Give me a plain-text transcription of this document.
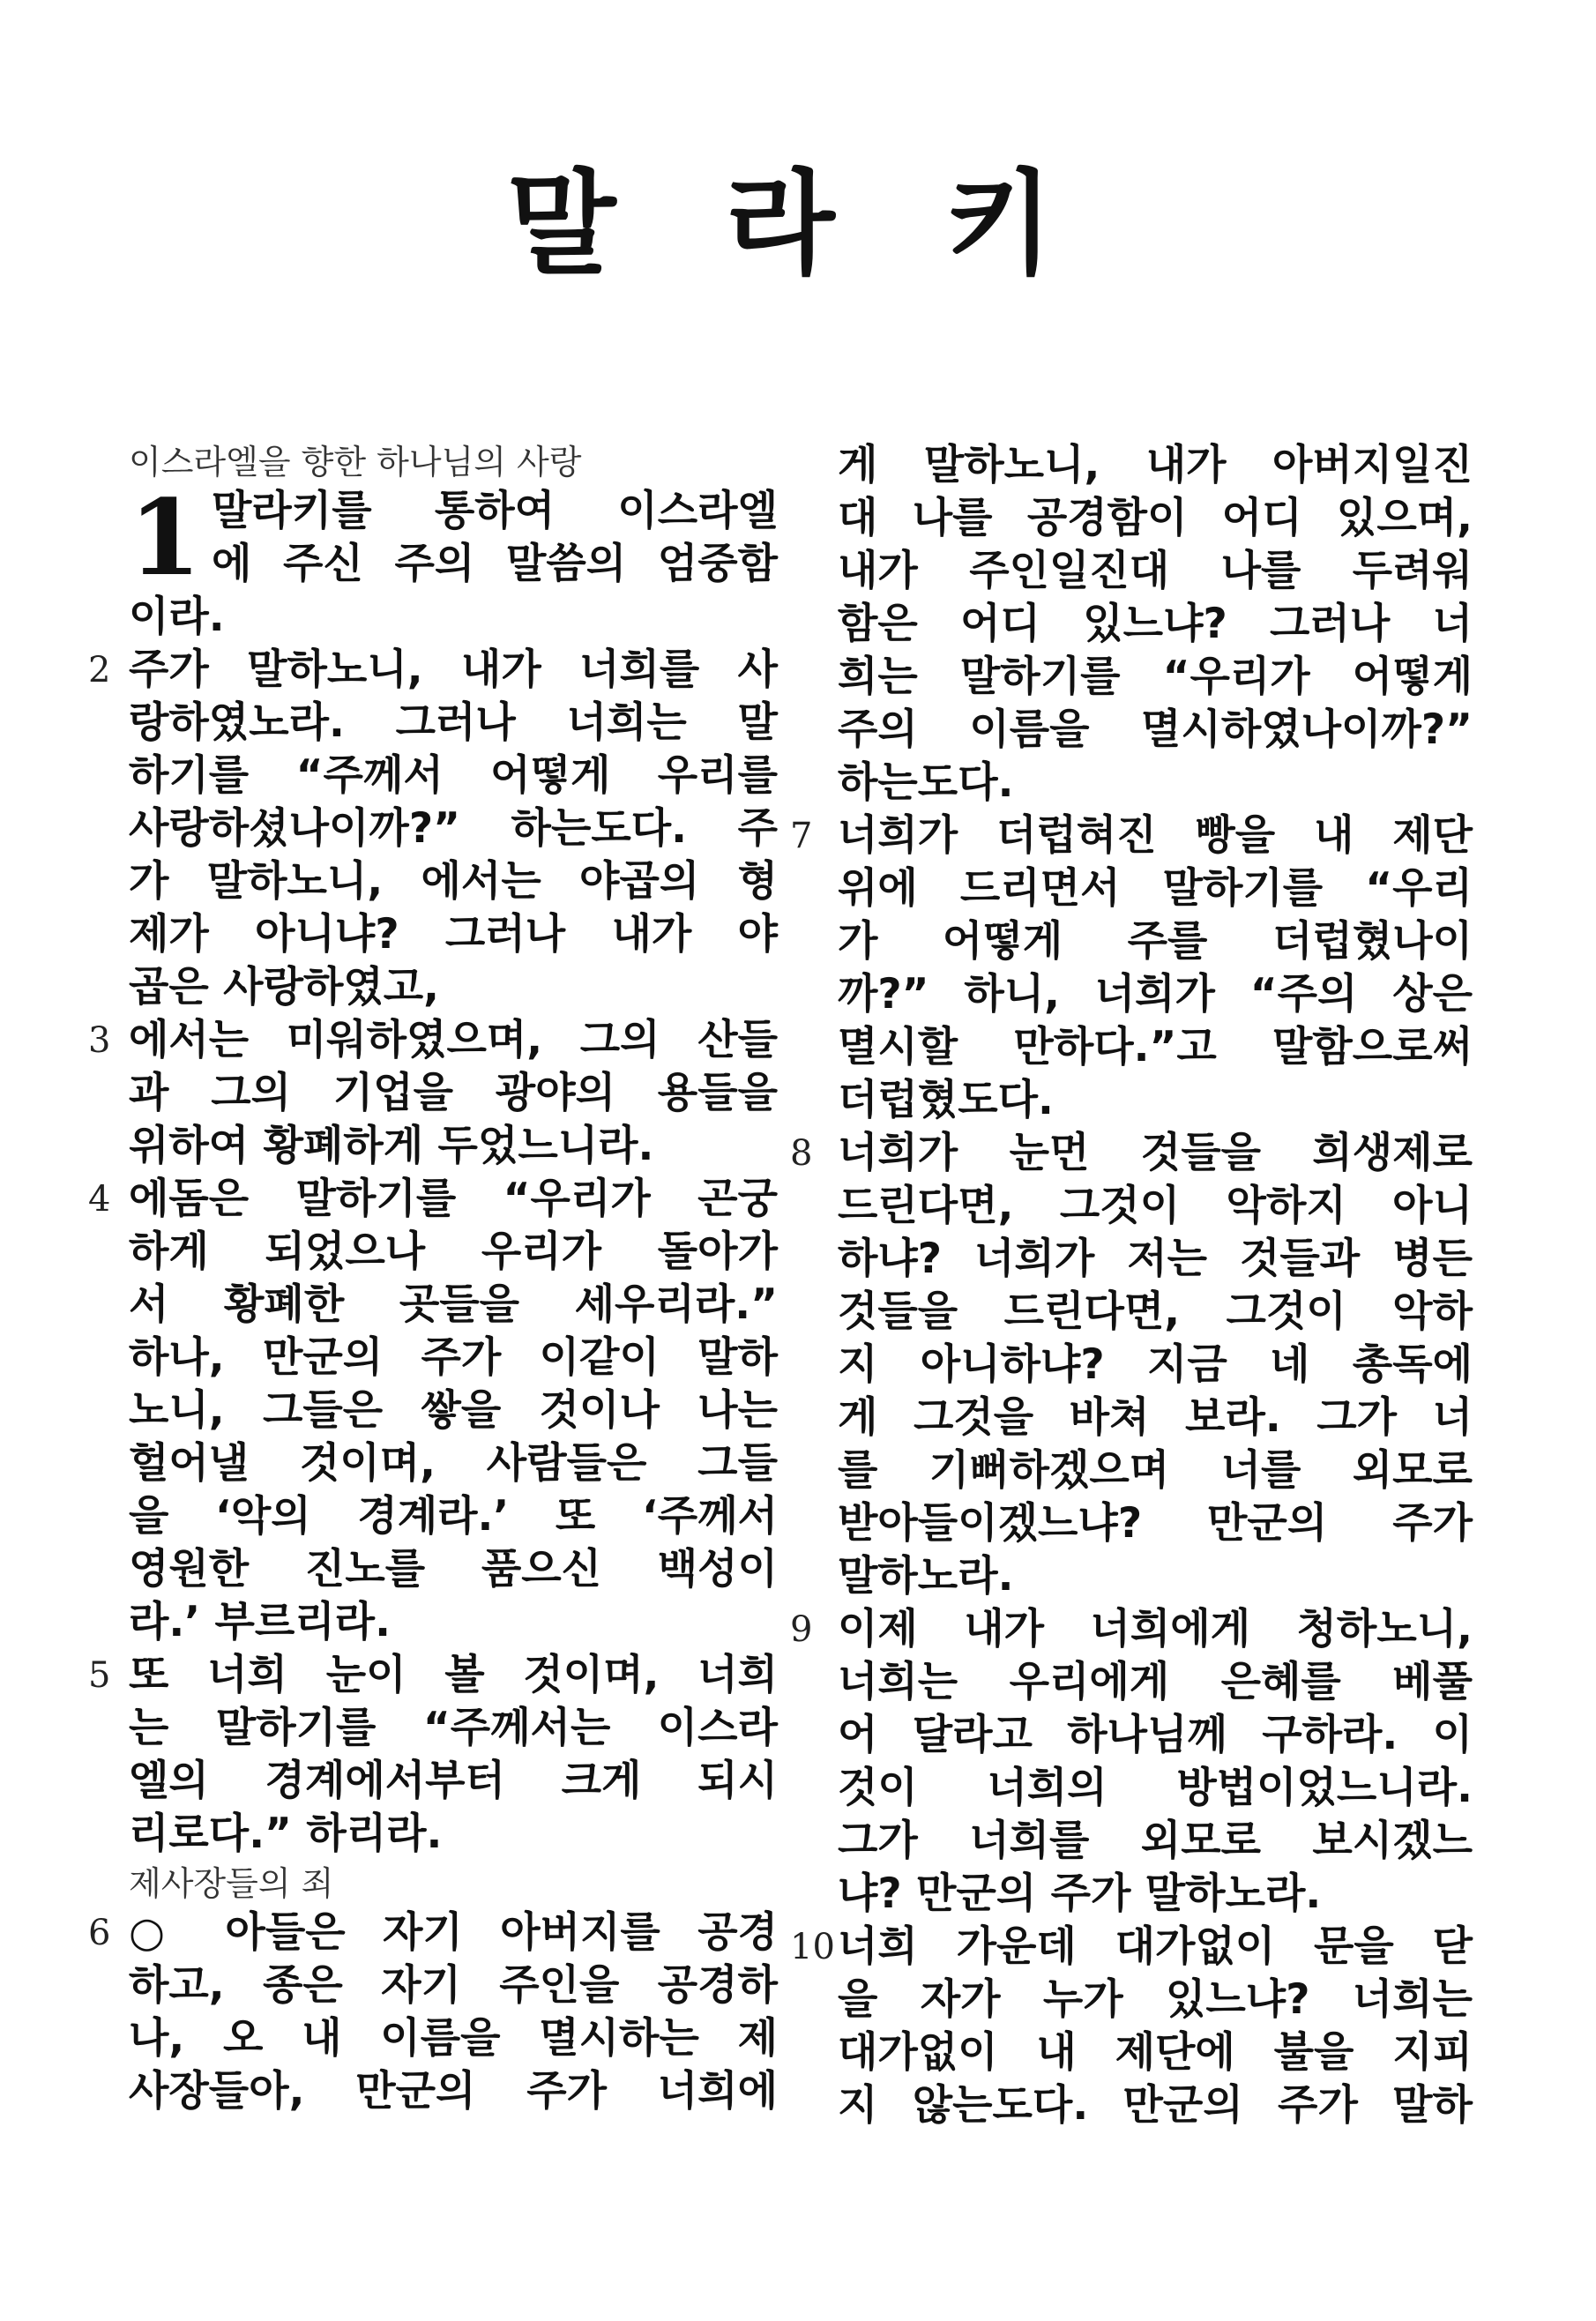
말 라 키
이스라엘을 향한 하나님의 사랑
1 말라키를 통하여 이스라엘
에 주신 주의 말씀의 엄중함
이라.
2 주가 말하노니, 내가 너희를 사
랑하였노라. 그러나 너희는 말
하기를 “주께서 어떻게 우리를
사랑하셨나이까?” 하는도다. 주
가 말하노니, 에서는 야곱의 형
제가 아니냐? 그러나 내가 야
곱은 사랑하였고,
3 에서는 미워하였으며, 그의 산들
과 그의 기업을 광야의 용들을
위하여 황폐하게 두었느니라.
4 에돔은 말하기를 “우리가 곤궁
하게 되었으나 우리가 돌아가
서 황폐한 곳들을 세우리라.”
하나, 만군의 주가 이같이 말하
노니, 그들은 쌓을 것이나 나는
헐어낼 것이며, 사람들은 그들
을 ‘악의 경계라.’ 또 ‘주께서
영원한 진노를 품으신 백성이
라.’ 부르리라.
5 또 너희 눈이 볼 것이며, 너희
는 말하기를 “주께서는 이스라
엘의 경계에서부터 크게 되시
리로다.” 하리라.
제사장들의 죄
6 ○ 아들은 자기 아버지를 공경
하고, 종은 자기 주인을 공경하
나, 오 내 이름을 멸시하는 제
사장들아, 만군의 주가 너희에
게 말하노니, 내가 아버지일진
대 나를 공경함이 어디 있으며,
내가 주인일진대 나를 두려워
함은 어디 있느냐? 그러나 너
희는 말하기를 “우리가 어떻게
주의 이름을 멸시하였나이까?”
하는도다.
7 너희가 더럽혀진 빵을 내 제단
위에 드리면서 말하기를 “우리
가 어떻게 주를 더럽혔나이
까?” 하니, 너희가 “주의 상은
멸시할 만하다.”고 말함으로써
더럽혔도다.
8 너희가 눈먼 것들을 희생제로
드린다면, 그것이 악하지 아니
하냐? 너희가 저는 것들과 병든
것들을 드린다면, 그것이 악하
지 아니하냐? 지금 네 총독에
게 그것을 바쳐 보라. 그가 너
를 기뻐하겠으며 너를 외모로
받아들이겠느냐? 만군의 주가
말하노라.
9 이제 내가 너희에게 청하노니,
너희는 우리에게 은혜를 베풀
어 달라고 하나님께 구하라. 이
것이 너희의 방법이었느니라.
그가 너희를 외모로 보시겠느
냐? 만군의 주가 말하노라.
10 너희 가운데 대가없이 문을 닫
을 자가 누가 있느냐? 너희는
대가없이 내 제단에 불을 지피
지 않는도다. 만군의 주가 말하
